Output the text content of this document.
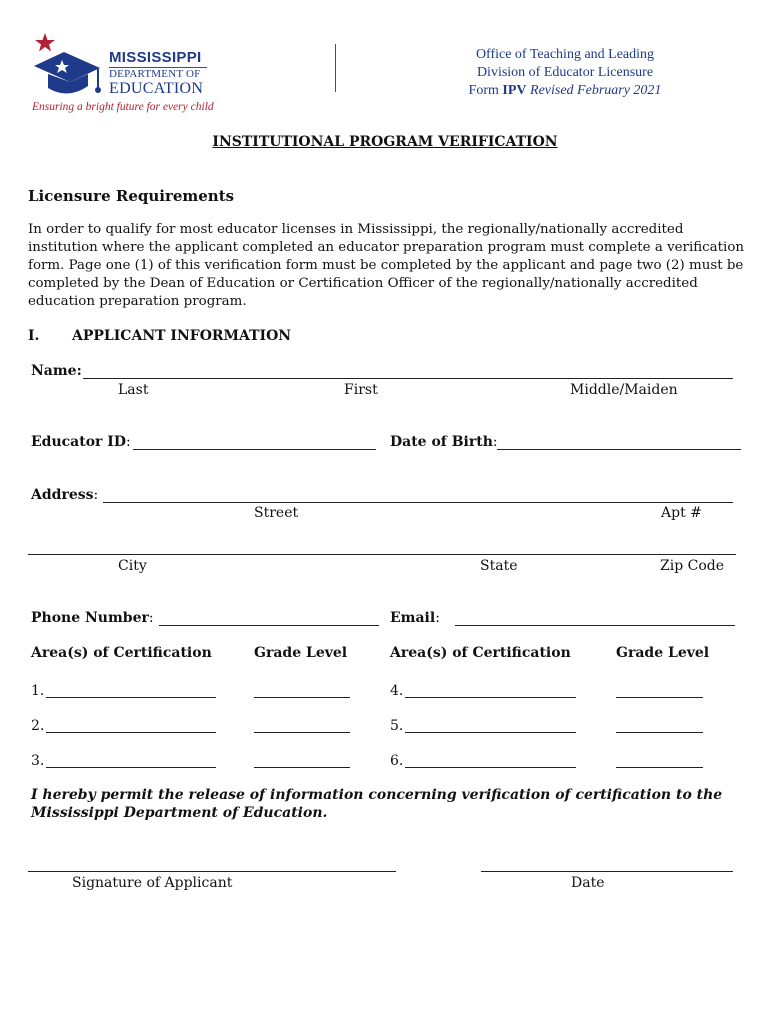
MISSISSIPPI
DEPARTMENT OF
EDUCATION
Ensuring a bright future for every child
Office of Teaching and Leading
Division of Educator Licensure
Form IPV Revised February 2021
INSTITUTIONAL PROGRAM VERIFICATION
Licensure Requirements
In order to qualify for most educator licenses in Mississippi, the regionally/nationally accredited institution where the applicant completed an educator preparation program must complete a verification form. Page one (1) of this verification form must be completed by the applicant and page two (2) must be completed by the Dean of Education or Certification Officer of the regionally/nationally accredited education preparation program.
I. APPLICANT INFORMATION
Name:
Last	First	Middle/Maiden
Educator ID:	Date of Birth:
Address:
Street	Apt #
City	State	Zip Code
Phone Number:	Email:
Area(s) of Certification	Grade Level	Area(s) of Certification	Grade Level
1.	4.
2.	5.
3.	6.
I hereby permit the release of information concerning verification of certification to the Mississippi Department of Education.
Signature of Applicant	Date
